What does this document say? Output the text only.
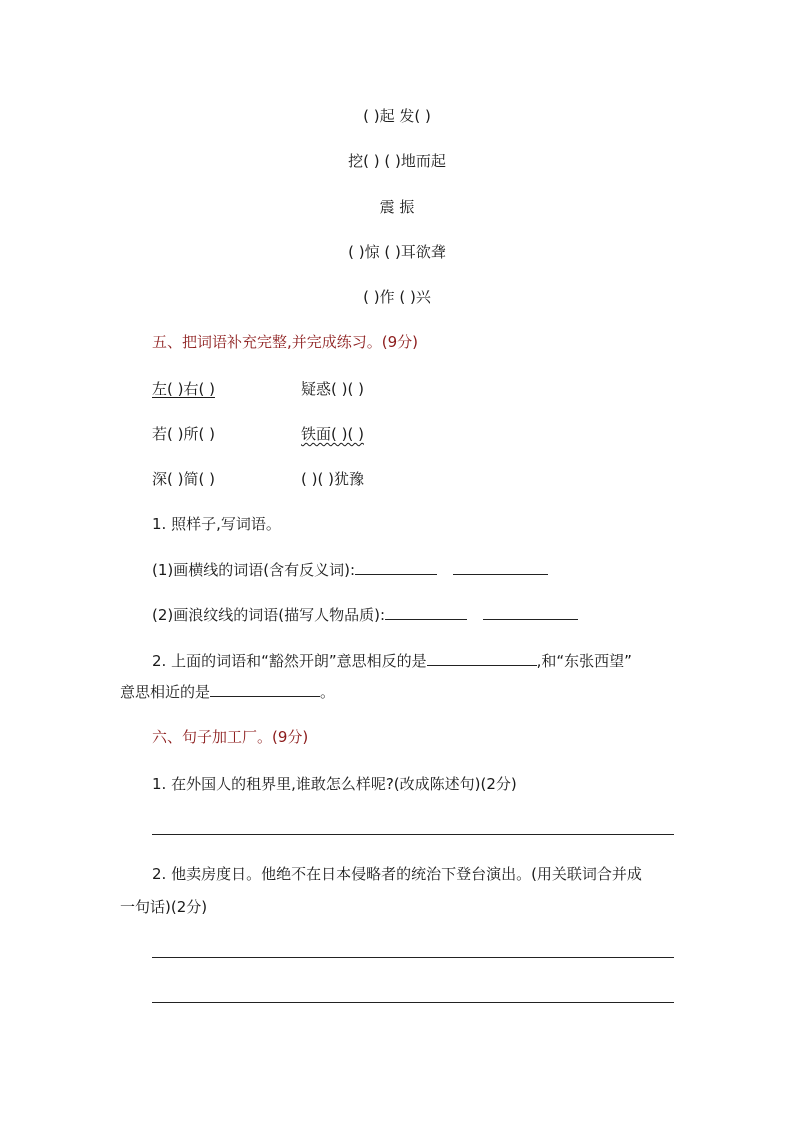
( )起 发( )
挖( ) ( )地而起
震 振
( )惊 ( )耳欲聋
( )作 ( )兴
五、把词语补充完整,并完成练习。(9分)
左( )右( )	疑惑( )( )
若( )所( )	铁面( )( )
深( )简( )	( )( )犹豫
1. 照样子,写词语。
(1)画横线的词语(含有反义词):
(2)画浪纹线的词语(描写人物品质):
2. 上面的词语和“豁然开朗”意思相反的是	,和“东张西望”
意思相近的是	。
六、句子加工厂。(9分)
1. 在外国人的租界里,谁敢怎么样呢?(改成陈述句)(2分)
2. 他卖房度日。他绝不在日本侵略者的统治下登台演出。(用关联词合并成
一句话)(2分)
